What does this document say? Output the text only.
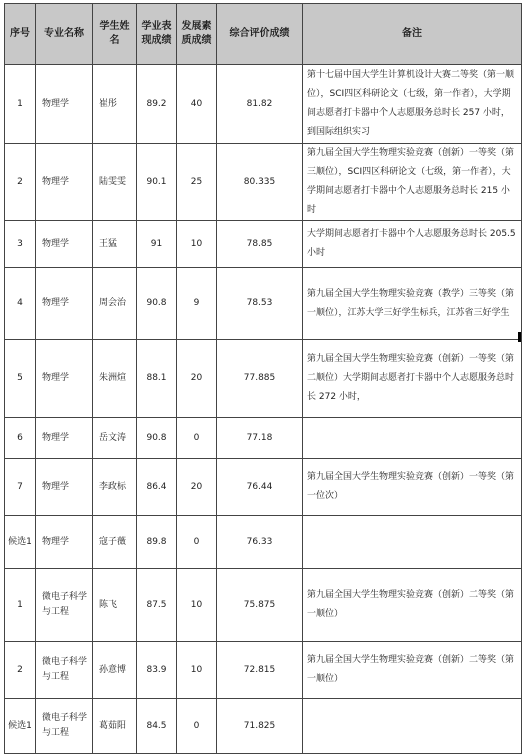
序号	专业名称	学生姓名	学业表现成绩	发展素质成绩	综合评价成绩	备注
1	物理学	崔彤	89.2	40	81.82	第十七届中国大学生计算机设计大赛二等奖（第一顺位），SCI四区科研论文（七级，第一作者），大学期间志愿者打卡器中个人志愿服务总时长 257 小时， 到国际组织实习
2	物理学	陆雯雯	90.1	25	80.335	第九届全国大学生物理实验竞赛（创新）一等奖（第三顺位），SCI四区科研论文（七级，第一作者），大学期间志愿者打卡器中个人志愿服务总时长 215 小时
3	物理学	王猛	91	10	78.85	大学期间志愿者打卡器中个人志愿服务总时长 205.5 小时
4	物理学	周会治	90.8	9	78.53	第九届全国大学生物理实验竞赛（教学）三等奖（第一顺位），江苏大学三好学生标兵，江苏省三好学生
5	物理学	朱洲煊	88.1	20	77.885	第九届全国大学生物理实验竞赛（创新）一等奖（第二顺位）大学期间志愿者打卡器中个人志愿服务总时长 272 小时，
6	物理学	岳文涛	90.8	0	77.18	
7	物理学	李政标	86.4	20	76.44	第九届全国大学生物理实验竞赛（创新）一等奖（第一位次）
候选1	物理学	寇子薇	89.8	0	76.33	
1	微电子科学与工程	陈飞	87.5	10	75.875	第九届全国大学生物理实验竞赛（创新）二等奖（第一顺位）
2	微电子科学与工程	孙意博	83.9	10	72.815	第九届全国大学生物理实验竞赛（创新）二等奖（第一顺位）
候选1	微电子科学与工程	葛茹阳	84.5	0	71.825	
